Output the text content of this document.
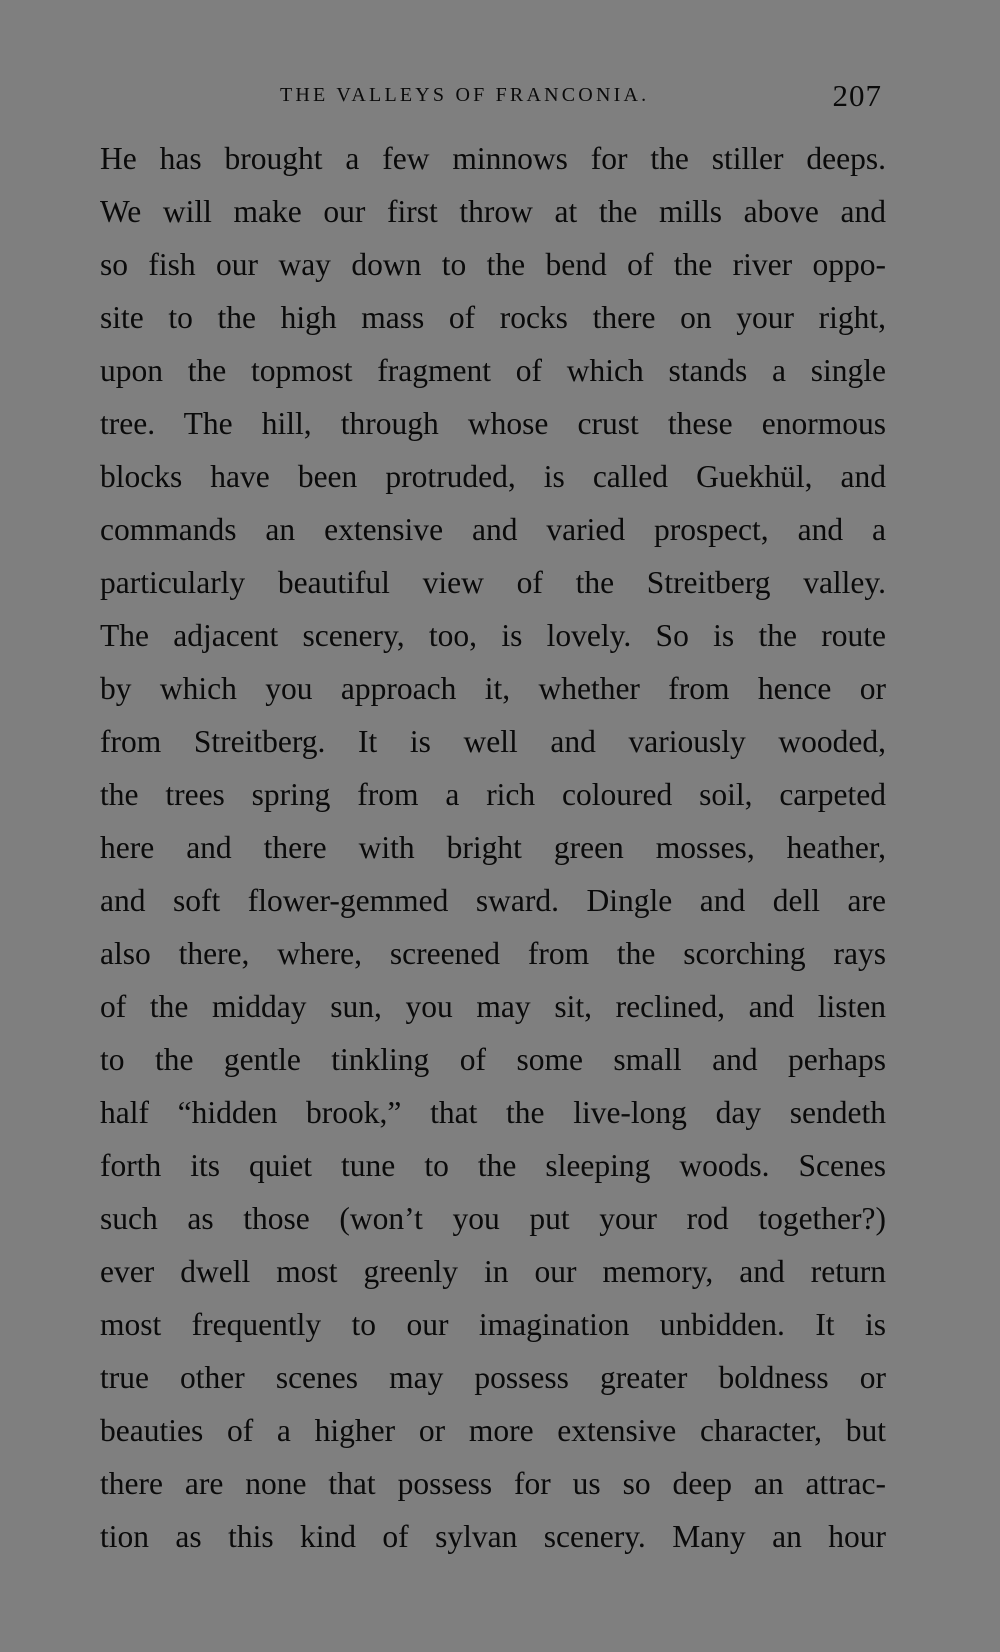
THE VALLEYS OF FRANCONIA.	207
He has brought a few minnows for the stiller deeps.
We will make our first throw at the mills above and
so fish our way down to the bend of the river oppo-
site to the high mass of rocks there on your right,
upon the topmost fragment of which stands a single
tree. The hill, through whose crust these enormous
blocks have been protruded, is called Guekhül, and
commands an extensive and varied prospect, and a
particularly beautiful view of the Streitberg valley.
The adjacent scenery, too, is lovely. So is the route
by which you approach it, whether from hence or
from Streitberg. It is well and variously wooded,
the trees spring from a rich coloured soil, carpeted
here and there with bright green mosses, heather,
and soft flower-gemmed sward. Dingle and dell are
also there, where, screened from the scorching rays
of the midday sun, you may sit, reclined, and listen
to the gentle tinkling of some small and perhaps
half “hidden brook,” that the live-long day sendeth
forth its quiet tune to the sleeping woods. Scenes
such as those (won’t you put your rod together?)
ever dwell most greenly in our memory, and return
most frequently to our imagination unbidden. It is
true other scenes may possess greater boldness or
beauties of a higher or more extensive character, but
there are none that possess for us so deep an attrac-
tion as this kind of sylvan scenery. Many an hour
